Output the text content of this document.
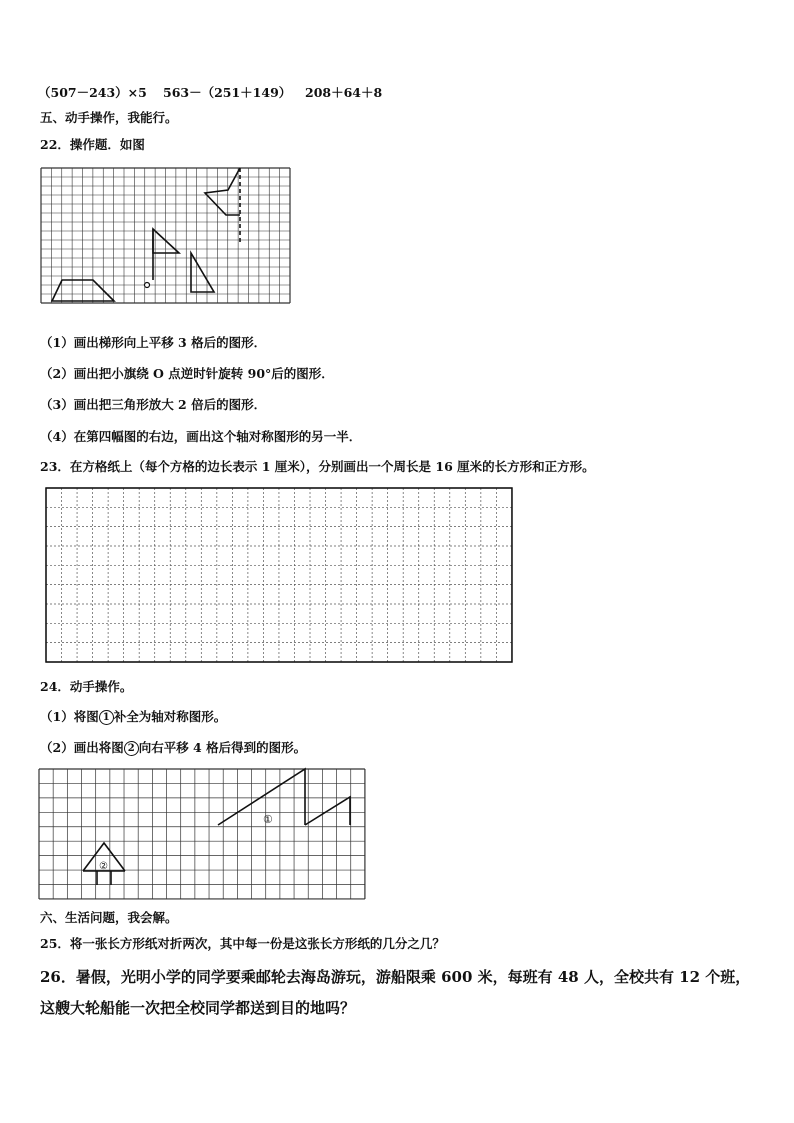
（507－243）×5 563－（251＋149） 208＋64＋8
五、动手操作，我能行。
22．操作题．如图
（1）画出梯形向上平移 3 格后的图形．
（2）画出把小旗绕 O 点逆时针旋转 90°后的图形．
（3）画出把三角形放大 2 倍后的图形．
（4）在第四幅图的右边，画出这个轴对称图形的另一半．
23．在方格纸上（每个方格的边长表示 1 厘米），分别画出一个周长是 16 厘米的长方形和正方形。
24．动手操作。
（1）将图 1 补全为轴对称图形。
（2）画出将图 2 向右平移 4 格后得到的图形。
①
②
六、生活问题，我会解。
25．将一张长方形纸对折两次，其中每一份是这张长方形纸的几分之几？
26．暑假，光明小学的同学要乘邮轮去海岛游玩，游船限乘 600 米，每班有 48 人，全校共有 12 个班，
这艘大轮船能一次把全校同学都送到目的地吗？
